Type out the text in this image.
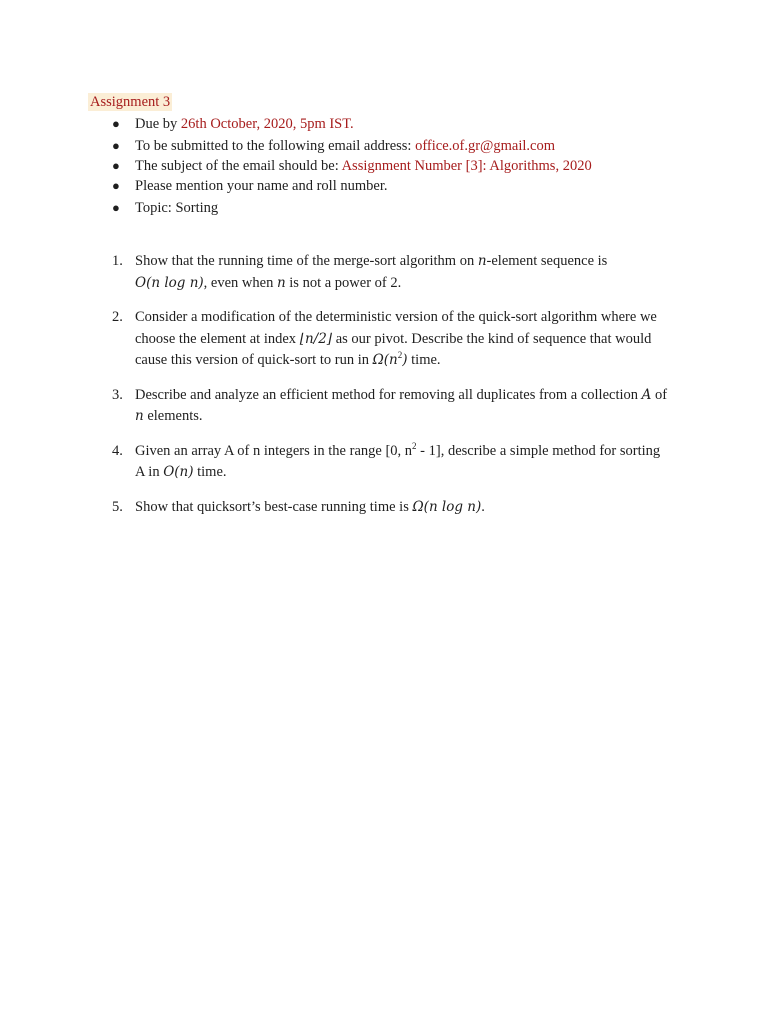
Assignment 3
● Due by 26th October, 2020, 5pm IST.
● To be submitted to the following email address: office.of.gr@gmail.com
● The subject of the email should be: Assignment Number [3]: Algorithms, 2020
● Please mention your name and roll number.
● Topic: Sorting
1. Show that the running time of the merge-sort algorithm on n-element sequence is
O(n log n), even when n is not a power of 2.
2. Consider a modification of the deterministic version of the quick-sort algorithm where we choose the element at index ⌊n/2⌋ as our pivot. Describe the kind of sequence that would cause this version of quick-sort to run in $\Omega(n^2)$ time.
3. Describe and analyze an efficient method for removing all duplicates from a collection A of n elements.
4. Given an array A of n integers in the range [0, $n^2 - 1$], describe a simple method for sorting A in O(n) time.
5. Show that quicksort’s best-case running time is Ω(n log n).
